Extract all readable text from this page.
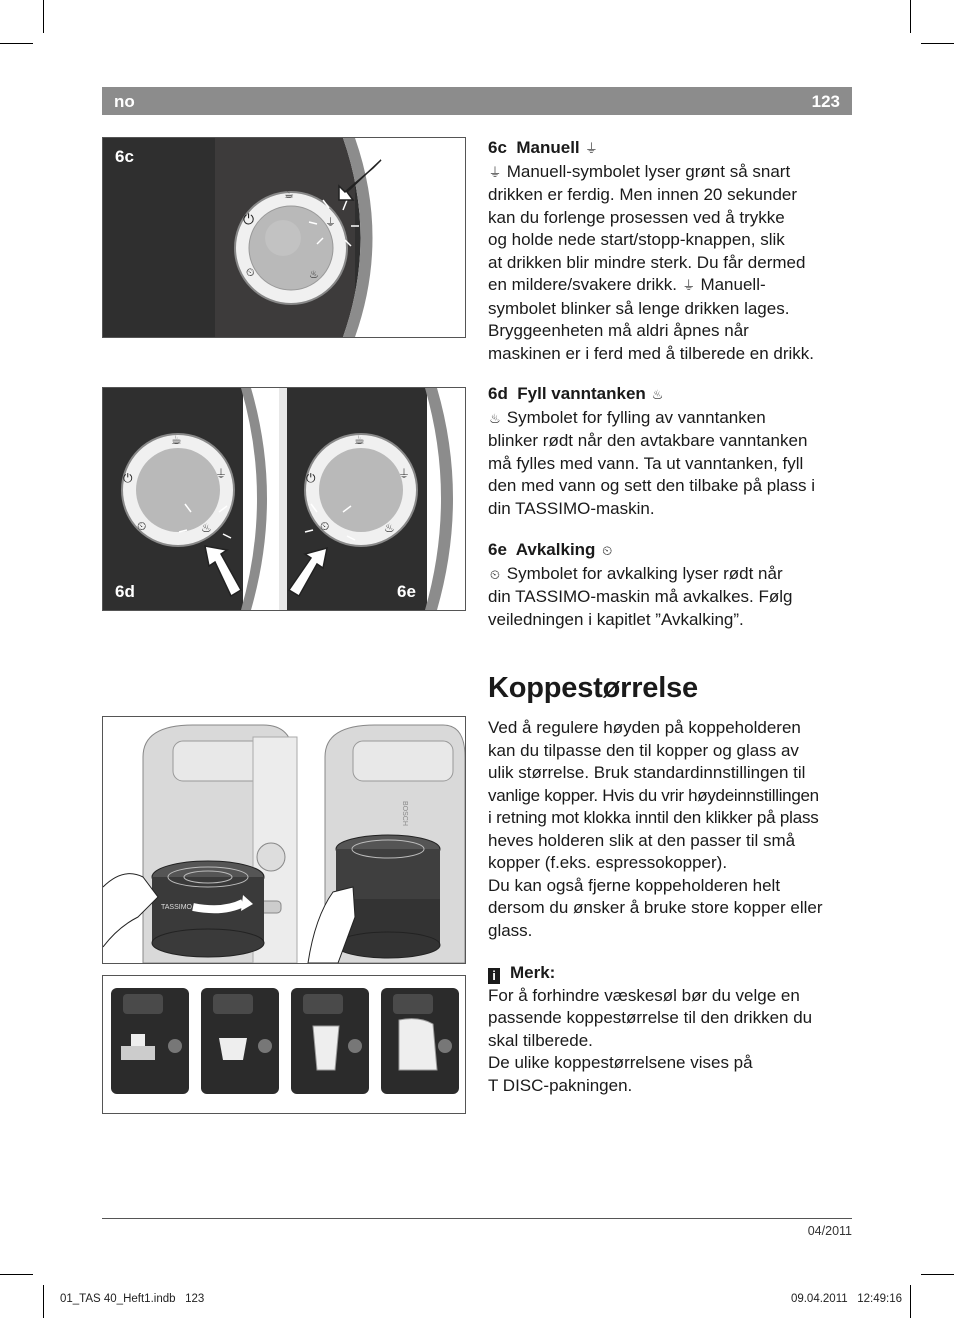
no	123
⏻
☕
⏚
⏲	♨
6c
⏻
☕
⏚
⏲	♨
⏻
☕
⏚
⏲	♨
6d	6e
TASSIMO
BOSCH

6c Manuell ⏚

⏚ Manuell-symbolet lyser grønt så snart

drikken er ferdig. Men innen 20 sekunder

kan du forlenge prosessen ved å trykke

og holde nede start/stopp-knappen, slik

at drikken blir mindre sterk. Du får dermed

en mildere/svakere drikk. ⏚ Manuell-

symbolet blinker så lenge drikken lages.

Bryggeenheten må aldri åpnes når

maskinen er i ferd med å tilberede en drikk.

6d Fyll vanntanken ♨

♨ Symbolet for fylling av vanntanken

blinker rødt når den avtakbare vanntanken

må fylles med vann. Ta ut vanntanken, fyll

den med vann og sett den tilbake på plass i

din TASSIMO-maskin.

6e Avkalking ⏲

⏲ Symbolet for avkalking lyser rødt når

din TASSIMO-maskin må avkalkes. Følg

veiledningen i kapitlet ”Avkalking”.

Koppestørrelse

Ved å regulere høyden på koppeholderen

kan du tilpasse den til kopper og glass av

ulik størrelse. Bruk standardinnstillingen til

vanlige kopper. Hvis du vrir høydeinnstillingen

i retning mot klokka inntil den klikker på plass

heves holderen slik at den passer til små

kopper (f.eks. espressokopper).

Du kan også fjerne koppeholderen helt

dersom du ønsker å bruke store kopper eller

glass.

i Merk:

For å forhindre væskesøl bør du velge en

passende koppestørrelse til den drikken du

skal tilberede.

De ulike koppestørrelsene vises på

T DISC-pakningen.

04/2011
01_TAS 40_Heft1.indb   123	09.04.2011   12:49:16
